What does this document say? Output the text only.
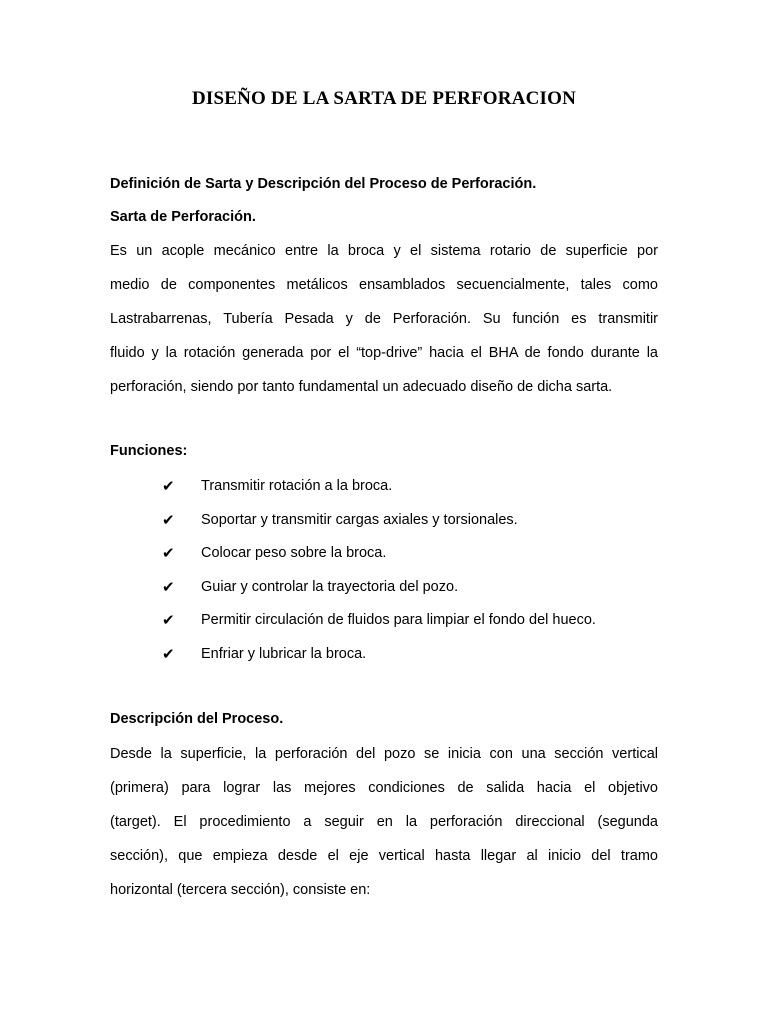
DISEÑO DE LA SARTA DE PERFORACION
Definición de Sarta y Descripción del Proceso de Perforación.
Sarta de Perforación.
Es un acople mecánico entre la broca y el sistema rotario de superficie por
medio de componentes metálicos ensamblados secuencialmente, tales como
Lastrabarrenas, Tubería Pesada y de Perforación. Su función es transmitir
fluido y la rotación generada por el “top-drive” hacia el BHA de fondo durante la
perforación, siendo por tanto fundamental un adecuado diseño de dicha sarta.
Funciones:
✔	Transmitir rotación a la broca.
✔	Soportar y transmitir cargas axiales y torsionales.
✔	Colocar peso sobre la broca.
✔	Guiar y controlar la trayectoria del pozo.
✔	Permitir circulación de fluidos para limpiar el fondo del hueco.
✔	Enfriar y lubricar la broca.
Descripción del Proceso.
Desde la superficie, la perforación del pozo se inicia con una sección vertical
(primera) para lograr las mejores condiciones de salida hacia el objetivo
(target). El procedimiento a seguir en la perforación direccional (segunda
sección), que empieza desde el eje vertical hasta llegar al inicio del tramo
horizontal (tercera sección), consiste en:
